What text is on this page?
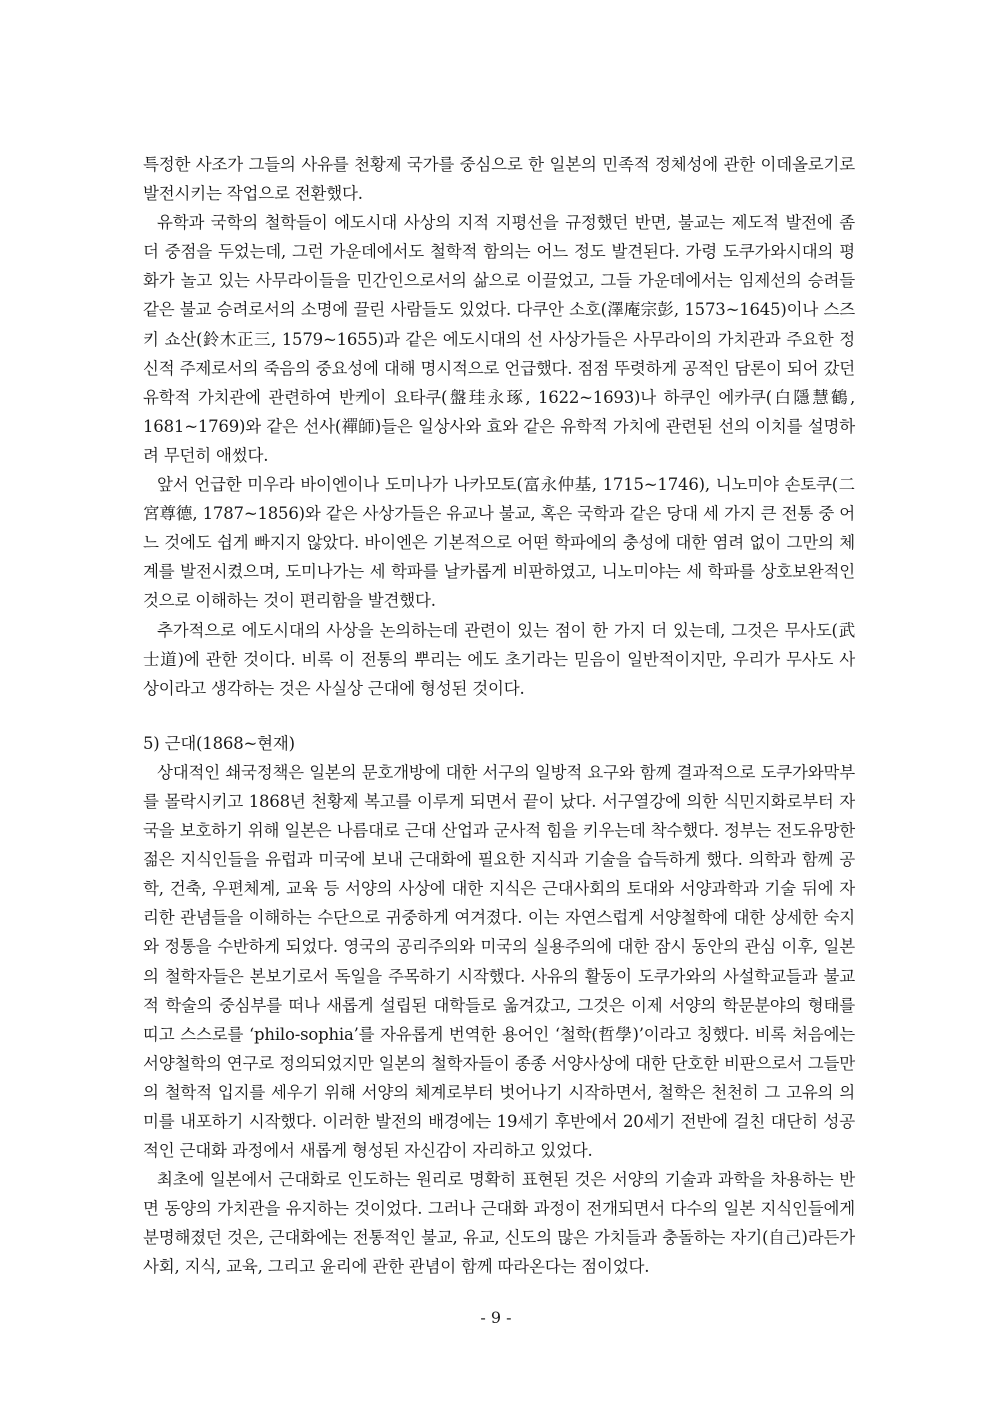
특정한 사조가 그들의 사유를 천황제 국가를 중심으로 한 일본의 민족적 정체성에 관한 이데올로기로 발전시키는 작업으로 전환했다.

유학과 국학의 철학들이 에도시대 사상의 지적 지평선을 규정했던 반면, 불교는 제도적 발전에 좀 더 중점을 두었는데, 그런 가운데에서도 철학적 함의는 어느 정도 발견된다. 가령 도쿠가와시대의 평화가 놀고 있는 사무라이들을 민간인으로서의 삶으로 이끌었고, 그들 가운데에서는 임제선의 승려들 같은 불교 승려로서의 소명에 끌린 사람들도 있었다. 다쿠안 소호(澤庵宗彭, 1573~1645)이나 스즈키 쇼산(鈴木正三, 1579~1655)과 같은 에도시대의 선 사상가들은 사무라이의 가치관과 주요한 정신적 주제로서의 죽음의 중요성에 대해 명시적으로 언급했다. 점점 뚜렷하게 공적인 담론이 되어 갔던 유학적 가치관에 관련하여 반케이 요타쿠(盤珪永琢, 1622~1693)나 하쿠인 에카쿠(白隱慧鶴, 1681~1769)와 같은 선사(禪師)들은 일상사와 효와 같은 유학적 가치에 관련된 선의 이치를 설명하려 무던히 애썼다.

앞서 언급한 미우라 바이엔이나 도미나가 나카모토(富永仲基, 1715~1746), 니노미야 손토쿠(二宮尊德, 1787~1856)와 같은 사상가들은 유교나 불교, 혹은 국학과 같은 당대 세 가지 큰 전통 중 어느 것에도 쉽게 빠지지 않았다. 바이엔은 기본적으로 어떤 학파에의 충성에 대한 염려 없이 그만의 체계를 발전시켰으며, 도미나가는 세 학파를 날카롭게 비판하였고, 니노미야는 세 학파를 상호보완적인 것으로 이해하는 것이 편리함을 발견했다.

추가적으로 에도시대의 사상을 논의하는데 관련이 있는 점이 한 가지 더 있는데, 그것은 무사도(武士道)에 관한 것이다. 비록 이 전통의 뿌리는 에도 초기라는 믿음이 일반적이지만, 우리가 무사도 사상이라고 생각하는 것은 사실상 근대에 형성된 것이다.

5) 근대(1868~현재)

상대적인 쇄국정책은 일본의 문호개방에 대한 서구의 일방적 요구와 함께 결과적으로 도쿠가와막부를 몰락시키고 1868년 천황제 복고를 이루게 되면서 끝이 났다. 서구열강에 의한 식민지화로부터 자국을 보호하기 위해 일본은 나름대로 근대 산업과 군사적 힘을 키우는데 착수했다. 정부는 전도유망한 젊은 지식인들을 유럽과 미국에 보내 근대화에 필요한 지식과 기술을 습득하게 했다. 의학과 함께 공학, 건축, 우편체계, 교육 등 서양의 사상에 대한 지식은 근대사회의 토대와 서양과학과 기술 뒤에 자리한 관념들을 이해하는 수단으로 귀중하게 여겨졌다. 이는 자연스럽게 서양철학에 대한 상세한 숙지와 정통을 수반하게 되었다. 영국의 공리주의와 미국의 실용주의에 대한 잠시 동안의 관심 이후, 일본의 철학자들은 본보기로서 독일을 주목하기 시작했다. 사유의 활동이 도쿠가와의 사설학교들과 불교적 학술의 중심부를 떠나 새롭게 설립된 대학들로 옮겨갔고, 그것은 이제 서양의 학문분야의 형태를 띠고 스스로를 ‘philo-sophia’를 자유롭게 번역한 용어인 ‘철학(哲學)’이라고 칭했다. 비록 처음에는 서양철학의 연구로 정의되었지만 일본의 철학자들이 종종 서양사상에 대한 단호한 비판으로서 그들만의 철학적 입지를 세우기 위해 서양의 체계로부터 벗어나기 시작하면서, 철학은 천천히 그 고유의 의미를 내포하기 시작했다. 이러한 발전의 배경에는 19세기 후반에서 20세기 전반에 걸친 대단히 성공적인 근대화 과정에서 새롭게 형성된 자신감이 자리하고 있었다.

최초에 일본에서 근대화로 인도하는 원리로 명확히 표현된 것은 서양의 기술과 과학을 차용하는 반면 동양의 가치관을 유지하는 것이었다. 그러나 근대화 과정이 전개되면서 다수의 일본 지식인들에게 분명해졌던 것은, 근대화에는 전통적인 불교, 유교, 신도의 많은 가치들과 충돌하는 자기(自己)라든가 사회, 지식, 교육, 그리고 윤리에 관한 관념이 함께 따라온다는 점이었다.

- 9 -
